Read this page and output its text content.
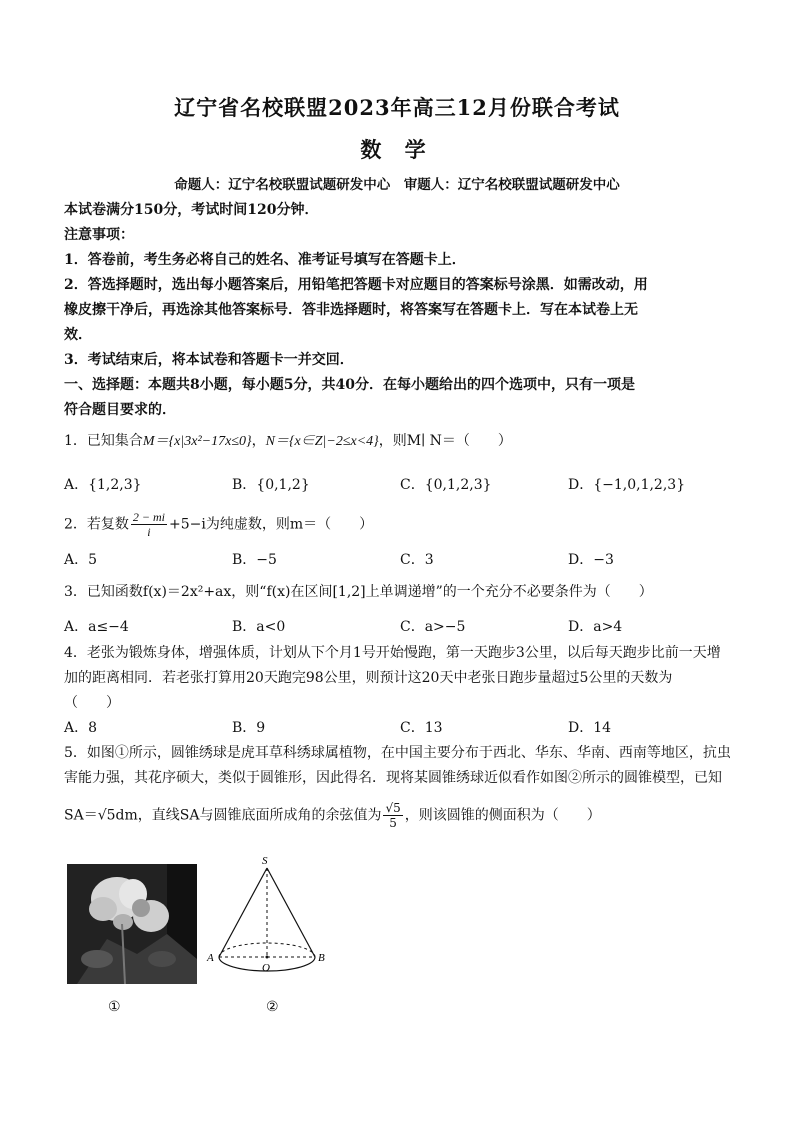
辽宁省名校联盟2023年高三12月份联合考试
数 学
命题人：辽宁名校联盟试题研发中心　审题人：辽宁名校联盟试题研发中心
本试卷满分150分，考试时间120分钟．
注意事项：
1．答卷前，考生务必将自己的姓名、准考证号填写在答题卡上．
2．答选择题时，选出每小题答案后，用铅笔把答题卡对应题目的答案标号涂黑．如需改动，用
橡皮擦干净后，再选涂其他答案标号．答非选择题时，将答案写在答题卡上．写在本试卷上无
效．
3．考试结束后，将本试卷和答题卡一并交回．
一、选择题：本题共8小题，每小题5分，共40分．在每小题给出的四个选项中，只有一项是
符合题目要求的．
1．已知集合M＝{x|3x²−17x≤0}，N＝{x∈Z|−2≤x<4}，则M∣ N＝（　　）
A．{1,2,3}	B．{0,1,2}	C．{0,1,2,3}	D．{−1,0,1,2,3}
2．若复数 $\frac{2 - mi}{i} +5-i$为纯虚数，则m＝（　　）
A．5	B．−5	C．3	D．−3
3．已知函数f(x)＝2x²+ax，则“f(x)在区间[1,2]上单调递增”的一个充分不必要条件为（　　）
A．a≤−4	B．a<0	C．a>−5	D．a>4
4．老张为锻炼身体，增强体质，计划从下个月1号开始慢跑，第一天跑步3公里，以后每天跑步比前一天增
加的距离相同．若老张打算用20天跑完98公里，则预计这20天中老张日跑步量超过5公里的天数为
（　　）
A．8	B．9	C．13	D．14
5．如图①所示，圆锥绣球是虎耳草科绣球属植物，在中国主要分布于西北、华东、华南、西南等地区，抗虫
害能力强，其花序硕大，类似于圆锥形，因此得名．现将某圆锥绣球近似看作如图②所示的圆锥模型，已知
SA＝√5dm，直线SA与圆锥底面所成角的余弦值为 $\frac{√5}{5}$ ，则该圆锥的侧面积为（　　）
①
S
A
O
B
②
